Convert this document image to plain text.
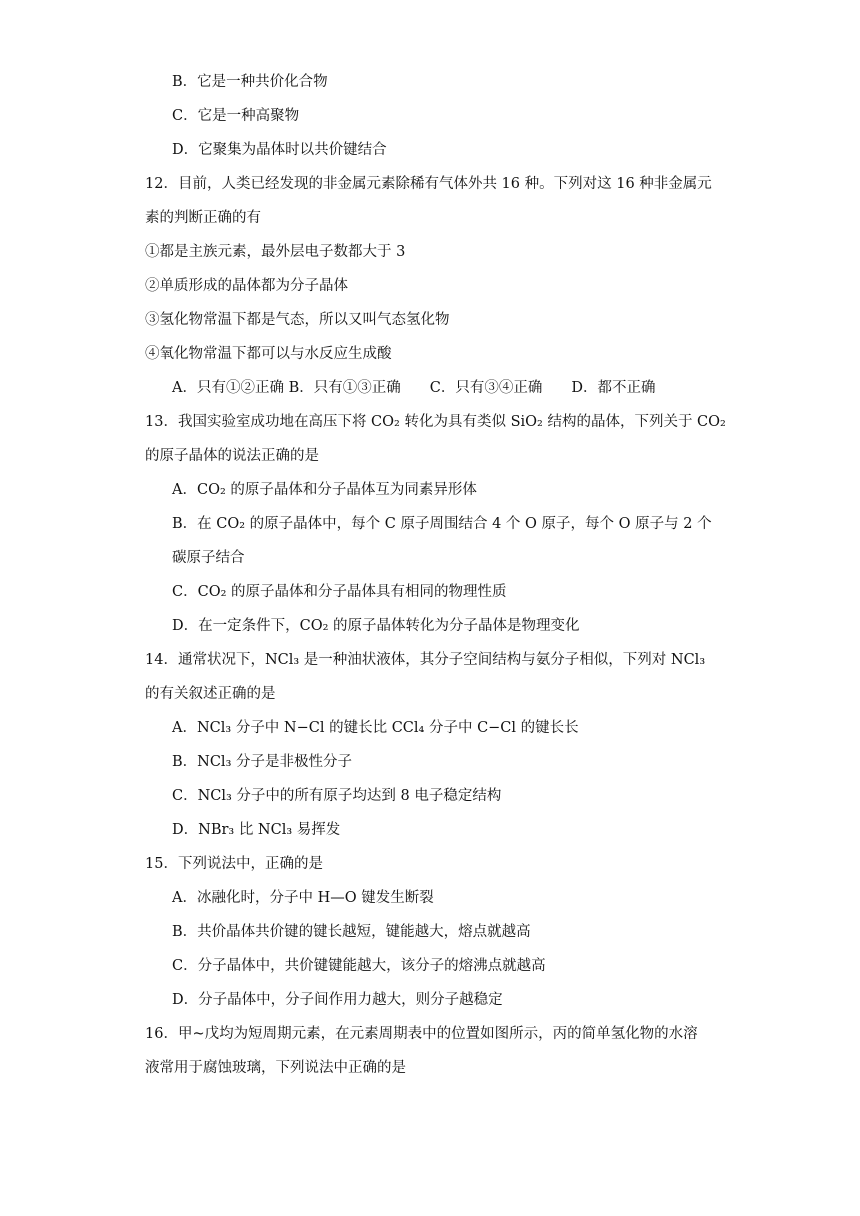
B．它是一种共价化合物
C．它是一种高聚物
D．它聚集为晶体时以共价键结合
12．目前，人类已经发现的非金属元素除稀有气体外共 16 种。下列对这 16 种非金属元
素的判断正确的有
①都是主族元素，最外层电子数都大于 3
②单质形成的晶体都为分子晶体
③氢化物常温下都是气态，所以又叫气态氢化物
④氧化物常温下都可以与水反应生成酸
A．只有①②正确 B．只有①③正确　　C．只有③④正确　　D．都不正确
13．我国实验室成功地在高压下将 CO₂ 转化为具有类似 SiO₂ 结构的晶体，下列关于 CO₂
的原子晶体的说法正确的是
A．CO₂ 的原子晶体和分子晶体互为同素异形体
B．在 CO₂ 的原子晶体中，每个 C 原子周围结合 4 个 O 原子，每个 O 原子与 2 个
碳原子结合
C．CO₂ 的原子晶体和分子晶体具有相同的物理性质
D．在一定条件下，CO₂ 的原子晶体转化为分子晶体是物理变化
14．通常状况下，NCl₃ 是一种油状液体，其分子空间结构与氨分子相似，下列对 NCl₃
的有关叙述正确的是
A．NCl₃ 分子中 N−Cl 的键长比 CCl₄ 分子中 C−Cl 的键长长
B．NCl₃ 分子是非极性分子
C．NCl₃ 分子中的所有原子均达到 8 电子稳定结构
D．NBr₃ 比 NCl₃ 易挥发
15．下列说法中，正确的是
A．冰融化时，分子中 H—O 键发生断裂
B．共价晶体共价键的键长越短，键能越大，熔点就越高
C．分子晶体中，共价键键能越大，该分子的熔沸点就越高
D．分子晶体中，分子间作用力越大，则分子越稳定
16．甲~戊均为短周期元素，在元素周期表中的位置如图所示，丙的简单氢化物的水溶
液常用于腐蚀玻璃，下列说法中正确的是
